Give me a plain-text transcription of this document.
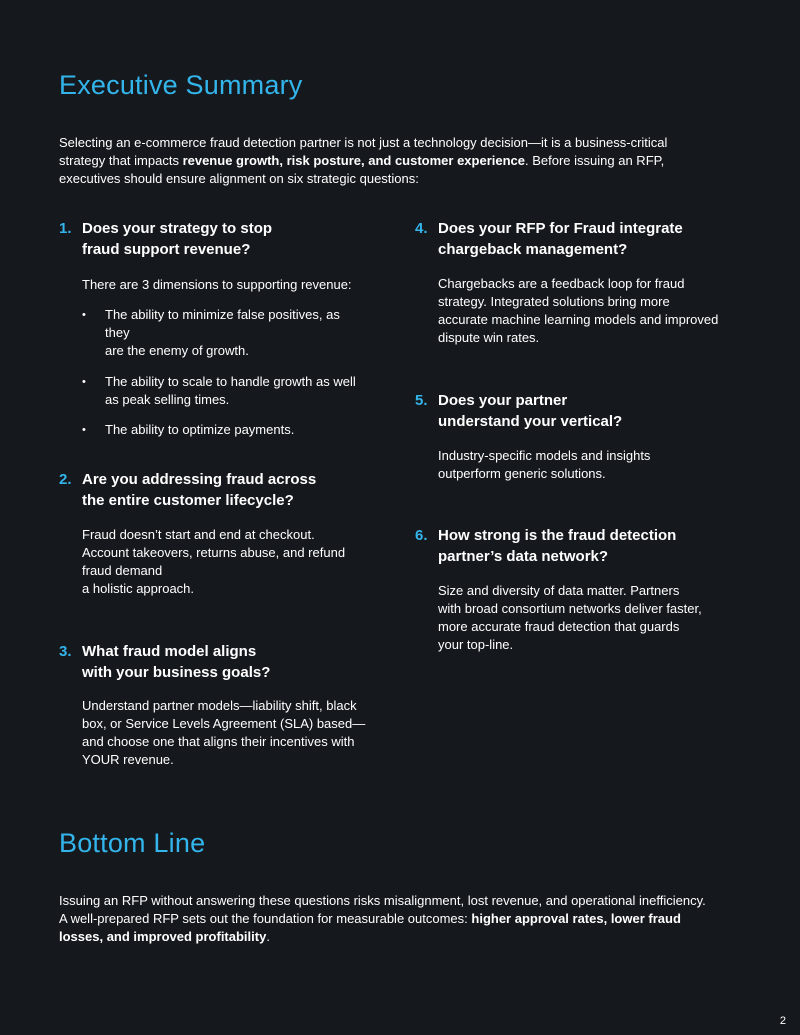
Executive Summary

Selecting an e-commerce fraud detection partner is not just a technology decision—it is a business-critical
strategy that impacts revenue growth, risk posture, and customer experience. Before issuing an RFP,
executives should ensure alignment on six strategic questions:

1. Does your strategy to stop
fraud support revenue?
There are 3 dimensions to supporting revenue:
• The ability to minimize false positives, as
they
are the enemy of growth.
• The ability to scale to handle growth as well
as peak selling times.
• The ability to optimize payments.
2. Are you addressing fraud across
the entire customer lifecycle?
Fraud doesn’t start and end at checkout.
Account takeovers, returns abuse, and refund
fraud demand
a holistic approach.
3. What fraud model aligns
with your business goals?
Understand partner models—liability shift, black
box, or Service Levels Agreement (SLA) based—
and choose one that aligns their incentives with
YOUR revenue.
4. Does your RFP for Fraud integrate
chargeback management?
Chargebacks are a feedback loop for fraud
strategy. Integrated solutions bring more
accurate machine learning models and improved
dispute win rates.
5. Does your partner
understand your vertical?
Industry-specific models and insights
outperform generic solutions.
6. How strong is the fraud detection
partner’s data network?
Size and diversity of data matter. Partners
with broad consortium networks deliver faster,
more accurate fraud detection that guards
your top-line.
Bottom Line

Issuing an RFP without answering these questions risks misalignment, lost revenue, and operational inefficiency.
A well-prepared RFP sets out the foundation for measurable outcomes: higher approval rates, lower fraud
losses, and improved profitability.

2
